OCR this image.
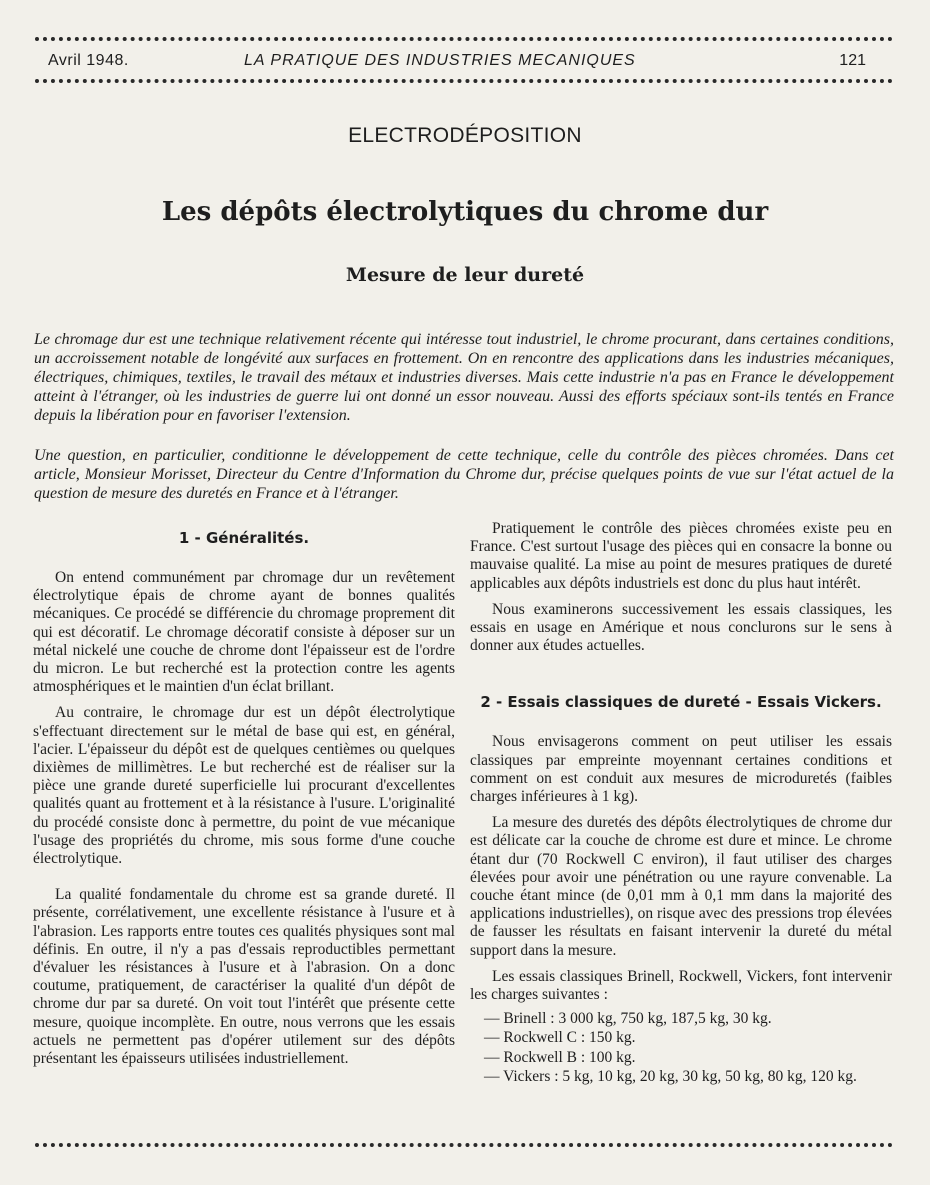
Avril 1948.	LA PRATIQUE DES INDUSTRIES MECANIQUES	121
ELECTRODÉPOSITION
Les dépôts électrolytiques du chrome dur
Mesure de leur dureté

Le chromage dur est une technique relativement récente qui intéresse tout industriel, le chrome procurant, dans certaines conditions, un accroissement notable de longévité aux surfaces en frottement. On en rencontre des applications dans les industries mécaniques, électriques, chimiques, textiles, le travail des métaux et industries diverses. Mais cette industrie n'a pas en France le développement atteint à l'étranger, où les industries de guerre lui ont donné un essor nouveau. Aussi des efforts spéciaux sont-ils tentés en France depuis la libération pour en favoriser l'extension.

Une question, en particulier, conditionne le développement de cette technique, celle du contrôle des pièces chromées. Dans cet article, Monsieur Morisset, Directeur du Centre d'Information du Chrome dur, précise quelques points de vue sur l'état actuel de la question de mesure des duretés en France et à l'étranger.

1 - Généralités.

On entend communément par chromage dur un revêtement électrolytique épais de chrome ayant de bonnes qualités mécaniques. Ce procédé se différencie du chromage proprement dit qui est décoratif. Le chromage décoratif consiste à déposer sur un métal nickelé une couche de chrome dont l'épaisseur est de l'ordre du micron. Le but recherché est la protection contre les agents atmosphériques et le maintien d'un éclat brillant.

Au contraire, le chromage dur est un dépôt électrolytique s'effectuant directement sur le métal de base qui est, en général, l'acier. L'épaisseur du dépôt est de quelques centièmes ou quelques dixièmes de millimètres. Le but recherché est de réaliser sur la pièce une grande dureté superficielle lui procurant d'excellentes qualités quant au frottement et à la résistance à l'usure. L'originalité du procédé consiste donc à permettre, du point de vue mécanique l'usage des propriétés du chrome, mis sous forme d'une couche électrolytique.

La qualité fondamentale du chrome est sa grande dureté. Il présente, corrélativement, une excellente résistance à l'usure et à l'abrasion. Les rapports entre toutes ces qualités physiques sont mal définis. En outre, il n'y a pas d'essais reproductibles permettant d'évaluer les résistances à l'usure et à l'abrasion. On a donc coutume, pratiquement, de caractériser la qualité d'un dépôt de chrome dur par sa dureté. On voit tout l'intérêt que présente cette mesure, quoique incomplète. En outre, nous verrons que les essais actuels ne permettent pas d'opérer utilement sur des dépôts présentant les épaisseurs utilisées industriellement.

Pratiquement le contrôle des pièces chromées existe peu en France. C'est surtout l'usage des pièces qui en consacre la bonne ou mauvaise qualité. La mise au point de mesures pratiques de dureté applicables aux dépôts industriels est donc du plus haut intérêt.

Nous examinerons successivement les essais classiques, les essais en usage en Amérique et nous conclurons sur le sens à donner aux études actuelles.

2 - Essais classiques de dureté - Essais Vickers.

Nous envisagerons comment on peut utiliser les essais classiques par empreinte moyennant certaines conditions et comment on est conduit aux mesures de microduretés (faibles charges inférieures à 1 kg).

La mesure des duretés des dépôts électrolytiques de chrome dur est délicate car la couche de chrome est dure et mince. Le chrome étant dur (70 Rockwell C environ), il faut utiliser des charges élevées pour avoir une pénétration ou une rayure convenable. La couche étant mince (de 0,01 mm à 0,1 mm dans la majorité des applications industrielles), on risque avec des pressions trop élevées de fausser les résultats en faisant intervenir la dureté du métal support dans la mesure.

Les essais classiques Brinell, Rockwell, Vickers, font intervenir les charges suivantes :

— Brinell : 3 000 kg, 750 kg, 187,5 kg, 30 kg.
— Rockwell C : 150 kg.
— Rockwell B : 100 kg.
— Vickers : 5 kg, 10 kg, 20 kg, 30 kg, 50 kg, 80 kg, 120 kg.
